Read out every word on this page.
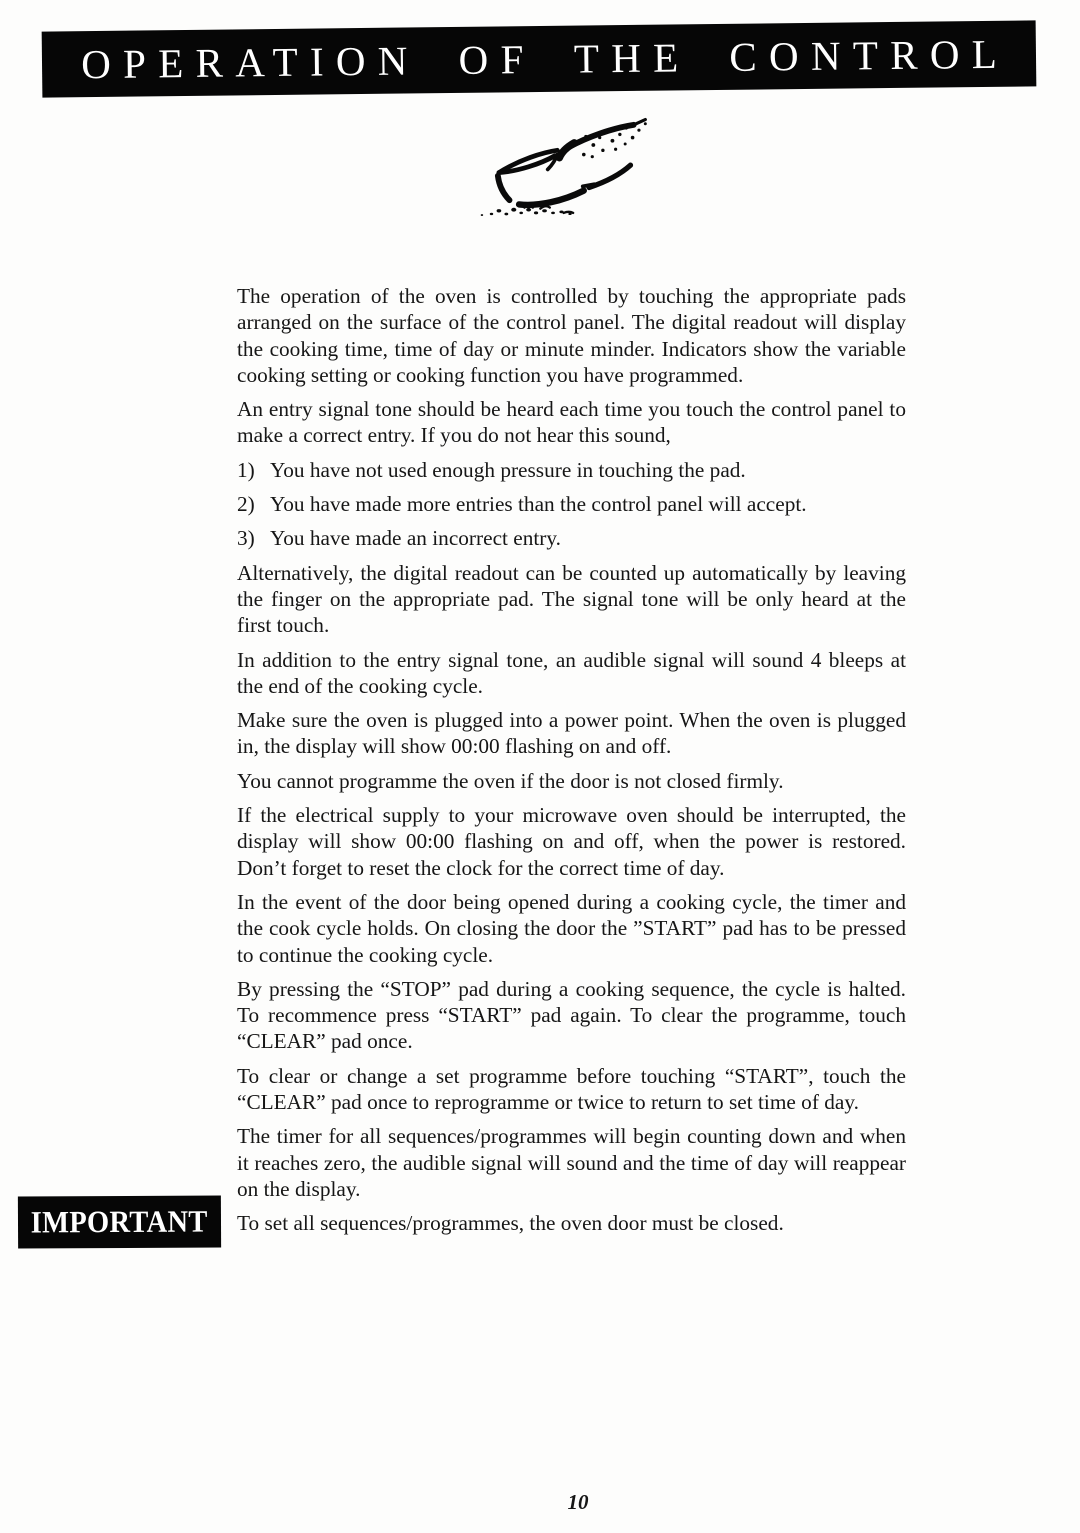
OPERATION OF THE CONTROL
The operation of the oven is controlled by touching the appropriate pads arranged on the surface of the control panel. The digital readout will display the cooking time, time of day or minute minder. Indicators show the variable cooking setting or cooking function you have programmed.
An entry signal tone should be heard each time you touch the control panel to make a correct entry. If you do not hear this sound,
1) You have not used enough pressure in touching the pad.
2) You have made more entries than the control panel will accept.
3) You have made an incorrect entry.
Alternatively, the digital readout can be counted up automatically by leaving the finger on the appropriate pad. The signal tone will be only heard at the first touch.
In addition to the entry signal tone, an audible signal will sound 4 bleeps at the end of the cooking cycle.
Make sure the oven is plugged into a power point. When the oven is plugged in, the display will show 00:00 flashing on and off.
You cannot programme the oven if the door is not closed firmly.
If the electrical supply to your microwave oven should be interrupted, the display will show 00:00 flashing on and off, when the power is restored. Don’t forget to reset the clock for the correct time of day.
In the event of the door being opened during a cooking cycle, the timer and the cook cycle holds. On closing the door the ”START” pad has to be pressed to continue the cooking cycle.
By pressing the “STOP” pad during a cooking sequence, the cycle is halted. To recommence press “START” pad again. To clear the programme, touch “CLEAR” pad once.
To clear or change a set programme before touching “START”, touch the “CLEAR” pad once to reprogramme or twice to return to set time of day.
The timer for all sequences/programmes will begin counting down and when it reaches zero, the audible signal will sound and the time of day will reappear on the display.
To set all sequences/programmes, the oven door must be closed.
IMPORTANT
10
